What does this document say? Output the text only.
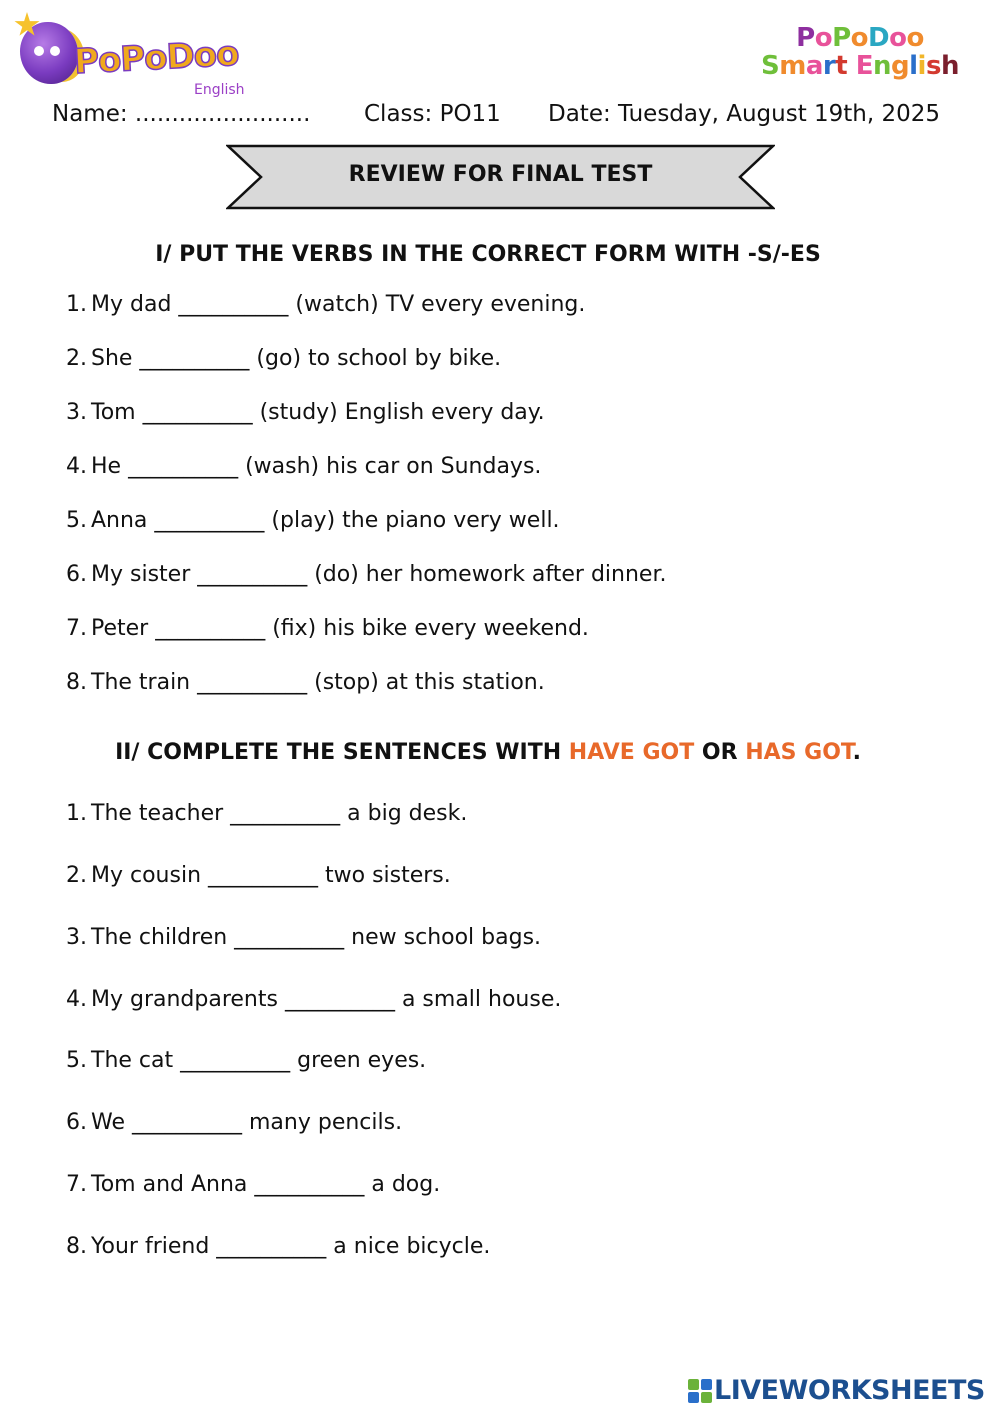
PoPoDoo
English
PoPoDoo
Smart English
Name: ........................ Class: PO11 Date: Tuesday, August 19th, 2025
REVIEW FOR FINAL TEST
I/ PUT THE VERBS IN THE CORRECT FORM WITH -S/-ES
1. My dad __________ (watch) TV every evening.
2. She __________ (go) to school by bike.
3. Tom __________ (study) English every day.
4. He __________ (wash) his car on Sundays.
5. Anna __________ (play) the piano very well.
6. My sister __________ (do) her homework after dinner.
7. Peter __________ (fix) his bike every weekend.
8. The train __________ (stop) at this station.
II/ COMPLETE THE SENTENCES WITH HAVE GOT OR HAS GOT.
1. The teacher __________ a big desk.
2. My cousin __________ two sisters.
3. The children __________ new school bags.
4. My grandparents __________ a small house.
5. The cat __________ green eyes.
6. We __________ many pencils.
7. Tom and Anna __________ a dog.
8. Your friend __________ a nice bicycle.
LIVEWORKSHEETS
